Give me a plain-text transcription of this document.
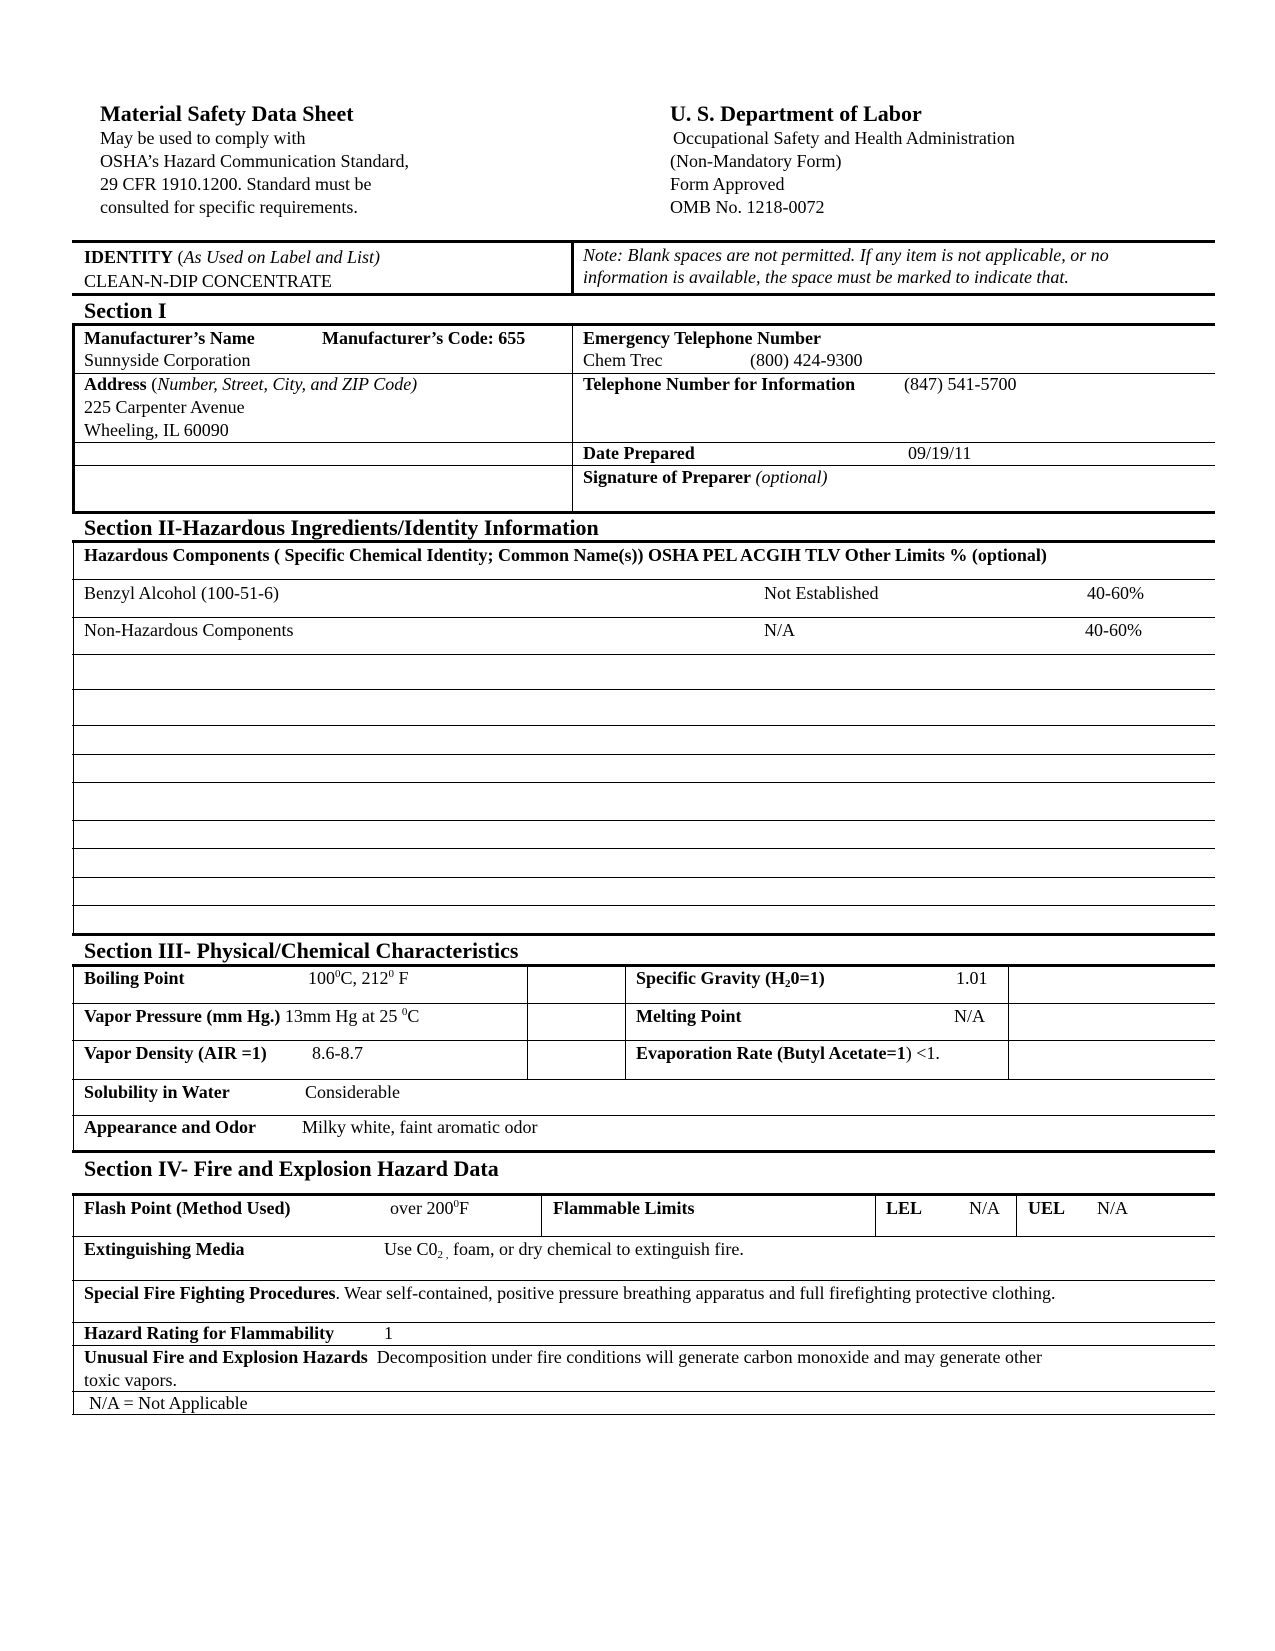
Material Safety Data Sheet
May be used to comply with
OSHA’s Hazard Communication Standard,
29 CFR 1910.1200. Standard must be
consulted for specific requirements.
U. S. Department of Labor
Occupational Safety and Health Administration
(Non-Mandatory Form)
Form Approved
OMB No. 1218-0072
IDENTITY (As Used on Label and List)
CLEAN-N-DIP CONCENTRATE
Note: Blank spaces are not permitted. If any item is not applicable, or no
information is available, the space must be marked to indicate that.
Section I
Manufacturer’s Name	Manufacturer’s Code: 655
Sunnyside Corporation
Emergency Telephone Number
Chem Trec	(800) 424-9300
Address (Number, Street, City, and ZIP Code)
225 Carpenter Avenue
Wheeling, IL 60090
Telephone Number for Information	(847) 541-5700
Date Prepared	09/19/11
Signature of Preparer (optional)
Section II-Hazardous Ingredients/Identity Information
Hazardous Components ( Specific Chemical Identity; Common Name(s)) OSHA PEL ACGIH TLV Other Limits % (optional)
Benzyl Alcohol (100-51-6)	Not Established	40-60%
Non-Hazardous Components	N/A	40-60%
Section III- Physical/Chemical Characteristics
Boiling Point	$100^0C$, $212^0$ F	Specific Gravity $(H_20=1)$	1.01
Vapor Pressure (mm Hg.) 13mm Hg at 25 $^0$C	Melting Point	N/A
Vapor Density (AIR =1)	8.6-8.7	Evaporation Rate (Butyl Acetate=1) <1.
Solubility in Water	Considerable
Appearance and Odor	Milky white, faint aromatic odor
Section IV- Fire and Explosion Hazard Data
Flash Point (Method Used)	over $200^0F$	Flammable Limits	LEL	N/A UEL N/A
Extinguishing Media	Use $C0_{2 ,}$ foam, or dry chemical to extinguish fire.
Special Fire Fighting Procedures. Wear self-contained, positive pressure breathing apparatus and full firefighting protective clothing.
Hazard Rating for Flammability	1
Unusual Fire and Explosion Hazards Decomposition under fire conditions will generate carbon monoxide and may generate other
toxic vapors.
N/A = Not Applicable
